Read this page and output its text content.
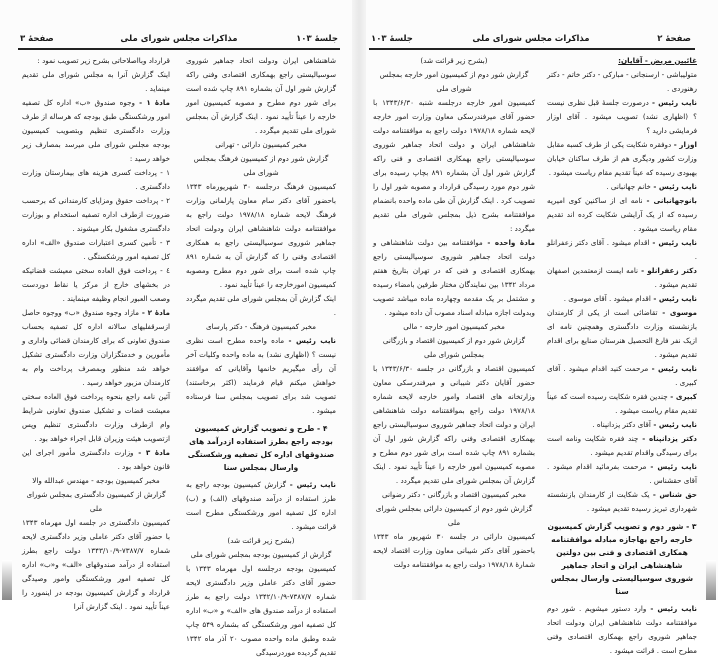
جلسهٔ ۱۰۳
مذاکرات مجلس شورای ملی
صفحهٔ ۳

قرارداد وبااصلاحاتی بشرح زیر تصویب نمود :

اینک گزارش آنرا به مجلس شورای ملی تقدیم مینماید .

مادهٔ ۱ - وجوه صندوق «ب» اداره کل تصفیه امور ورشکستگی طبق بودجه که هرساله از طرف وزارت دادگستری تنظیم وبتصویب کمیسیون بودجه مجلس شورای ملی میرسد بمصارف زیر خواهد رسید :

۱ - پرداخت کسری هزینه های بیمارستان وزارت دادگستری .

۲ - پرداخت حقوق ومزایای کارمندانی که برحسب ضرورت ازطرف اداره تصفیه استخدام و بوزارت دادگستری مشغول بکار میشوند .

۳ - تأمین کسری اعتبارات صندوق «الف» اداره کل تصفیه امور ورشکستگی .

٤ - پرداخت فوق العاده سختی معیشت قضاتیکه در بخشهای خارج از مرکز یا نقاط دوردست وصعب العبور انجام وظیفه مینمایند .

مادهٔ ۲ - مازاد وجوه صندوق «ب» ووجوه حاصل ازسرقفلیهای سالانه اداره کل تصفیه بحساب صندوق تعاونی که برای کارمندان قضائی واداری و مأمورین و خدمتگزاران وزارت دادگستری تشکیل خواهد شد منظور وبمصرف پرداخت وام به کارمندان مزبور خواهد رسید .

آئین نامه راجع بنحوه پرداخت فوق العاده سختی معیشت قضات و تشکیل صندوق تعاونی شرایط وام ازطرف وزارت دادگستری تنظیم وپس ازتصویب هیئت وزیران قابل اجراء خواهد بود .

مادهٔ ۳ - وزارت دادگستری مأمور اجرای این قانون خواهد بود .

مخبر کمیسیون بودجه - مهندس عبدالله والا

گزارش از کمیسیون دادگستری بمجلس شورای ملی

کمیسیون دادگستری در جلسه اول مهرماه ۱۳۴۳ با حضور آقای دکتر عاملی وزیر دادگستری لایحه شماره ۷۳۸۷/۷-۱۳۴۳/۱۰/۹ دولت راجع بطرز استفاده از درآمد صندوقهای «الف» و«ب» اداره کل تصفیه امور ورشکستگی وامور وصیدگی قرارداد و گزارش کمیسیون بودجه در اینمورد را عیناً تأیید نمود . اینک گزارش آنرا

شاهنشاهی ایران ودولت اتحاد جماهیر شوروی سوسیالیستی راجع بهمکاری اقتصادی وفنی راکه گزارش شور اول آن بشماره ۸۹۱ چاپ شده است برای شور دوم مطرح و مصوبه کمیسیون امور خارجه را عیناً تأیید نمود . اینک گزارش آن بمجلس شورای ملی تقدیم میگردد .

مخبر کمیسیون دارائی - تهرانی

گزارش شور دوم از کمیسیون فرهنگ بمجلس شورای ملی

کمیسیون فرهنگ درجلسه ۳۰ شهریورماه ۱۳۴۳ باحضور آقای دکتر سام معاون پارلمانی وزارت فرهنگ لایحه شماره ۱۹۷۸/۱۸ دولت راجع به موافقتنامه دولت شاهنشاهی ایران ودولت اتحاد جماهیر شوروی سوسیالیستی راجع به همکاری اقتصادی وفنی را که گزارش آن به شماره ۸۹۱ چاپ شده است برای شور دوم مطرح ومصوبه کمیسیون امورخارجه را عیناً تأیید نمود .

اینک گزارش آن بمجلس شورای ملی تقدیم میگردد .

مخبر کمیسیون فرهنگ - دکتر پارسای

نایب رئیس - ماده واحده مطرح است نظری نیست ؟ (اظهاری نشد) به ماده واحده وکلیات آخر آن رأی میگیریم خانمها وآقایانی که موافقند خواهش میکنم قیام فرمایند (اکثر برخاستند) تصویب شد برای تصویب بمجلس سنا فرستاده میشود .

۴ - طرح و تصویب گزارش کمیسیون بودجه راجع بطرز استفاده ازدرآمد های صندوقهای اداره کل تصفیه ورشکستگی وارسال بمجلس سنا

نایب رئیس - گزارش کمیسیون بودجه راجع به طرز استفاده از درآمد صندوقهای (الف) و (ب) اداره کل تصفیه امور ورشکستگی مطرح است قرائت میشود .

(بشرح زیر قرائت شد)

گزارش از کمیسیون بودجه بمجلس شورای ملی

کمیسیون بودجه درجلسه اول مهرماه ۱۳۴۳ با حضور آقای دکتر عاملی وزیر دادگستری لایحه شماره ۷۳۸۷/۷-۱۳۴۲/۱۰/۹ دولت راجع به طرز استفاده از درآمد صندوق های «الف» و «ب» اداره کل تصفیه امور ورشکستگی که بشماره ۵۴۹ چاپ شده وطبق ماده واحده مصوب ۲۰ آذر ماه ۱۳۴۲ تقدیم گردیده موردرسیدگی

صفحهٔ ۲
مذاکرات مجلس شورای ملی
جلسهٔ ۱۰۳

(بشرح زیر قرائت شد)

گزارش شور دوم از کمیسیون امور خارجه بمجلس شورای ملی

کمیسیون امور خارجه درجلسه شنبه ۱۳۴۳/۶/۳۰ با حضور آقای میرفندرسکی معاون وزارت امور خارجه لایحه شماره ۱۹۷۸/۱۸ دولت راجع به موافقتنامه دولت شاهنشاهی ایران و دولت اتحاد جماهیر شوروی سوسیالیستی راجع بهمکاری اقتصادی و فنی راکه گزارش شور اول آن بشماره ۸۹۱ بچاپ رسیده برای شور دوم مورد رسیدگی قرارداد و مصوبه شور اول را تصویب کرد . اینک گزارش آن طی ماده واحده بانضمام موافقتنامه بشرح ذیل بمجلس شورای ملی تقدیم میگردد :

مادهٔ واحده - موافقتنامه بین دولت شاهنشاهی و دولت اتحاد جماهیر شوروی سوسیالیستی راجع بهمکاری اقتصادی و فنی که در تهران بتاریخ هفتم مرداد ۱۳۴۲ بین نمایندگان مختار طرفین بامضاء رسیده و مشتمل بر یک مقدمه وچهارده ماده میباشد تصویب وبدولت اجازه مبادله اسناد مصوب آن داده میشود .

مخبر کمیسیون امور خارجه - مالی

گزارش شور دوم از کمیسیون اقتصاد و بازرگانی بمجلس شورای ملی

کمیسیون اقتصاد و بازرگانی در جلسه ۱۳۴۳/۶/۳۰ با حضور آقایان دکتر شیبانی و میرفندرسکی معاون وزارتخانه های اقتصاد وامور خارجه لایحه شماره ۱۹۷۸/۱۸ دولت راجع بموافقتنامه دولت شاهنشاهی ایران و دولت اتحاد جماهیر شوروی سوسیالیستی راجع بهمکاری اقتصادی وفنی راکه گزارش شور اول آن بشماره ۸۹۱ چاپ شده است برای شور دوم مطرح و مصوبه کمیسیون امور خارجه را عیناً تأیید نمود . اینک گزارش آن بمجلس شورای ملی تقدیم میگردد .

مخبر کمیسیون اقتصاد و بازرگانی - دکتر رضوانی

گزارش شور دوم از کمیسیون دارائی بمجلس شورای ملی

کمیسیون دارائی در جلسه ۳۰ شهریور ماه ۱۳۴۳ باحضور آقای دکتر شیبانی معاون وزارت اقتصاد لایحه شمارهٔ ۱۹۷۸/۱۸ دولت راجع به موافقتنامه دولت

غائبین مریض - آقایان:

متولیباشی - ارسنجانی - مبارکی - دکتر خاتم - دکتر رهنوردی .

نایب رئیس - درصورت جلسهٔ قبل نظری نیست ؟ (اظهاری نشد) تصویب میشود . آقای اوزار فرمایشی دارید ؟

اوزار - دوفقره شکایت یکی از طرف کسبه مقابل وزارت کشور ودیگری هم از طرف ساکنان خیابان بهبودی رسیده که عیناً تقدیم مقام ریاست میشود .

نایب رئیس - خانم جهانبانی .

بانوجهانبانی - نامه ای از ساکنین کوی امیریه رسیده که از یک آرایشی شکایت کرده اند تقدیم مقام ریاست میشود .

نایب رئیس - اقدام میشود . آقای دکتر زعفرانلو .

دکتر زعفرانلو - نامه ایست ازمعتمدین اصفهان تقدیم میشود .

نایب رئیس - اقدام میشود . آقای موسوی .

موسوی - تقاضائی است از یکی از کارمندان بازنشسته وزارت دادگستری وهمچنین نامه ای ازیک نفر فارغ التحصیل هنرستان صنایع برای اقدام تقدیم میشود .

نایب رئیس - مرحمت کنید اقدام میشود . آقای کبیری .

کبیری - چندین فقره شکایت رسیده است که عیناً تقدیم مقام ریاست میشود .

نایب رئیس - آقای دکتر یزدانپناه .

دکتر یزدانپناه - چند فقره شکایت ونامه است برای رسیدگی واقدام تقدیم میشود .

نایب رئیس - مرحمت بفرمائید اقدام میشود . آقای حقشناس .

حق شناس - یک شکایت از کارمندان بازنشسته شهرداری تبریز رسیده تقدیم میشود .

۳ - شور دوم و تصویب گزارش کمیسیون خارجه راجع بهاجازه مبادله موافقتنامه همکاری اقتصادی و فنی بین دولتین شاهنشاهی ایران و اتحاد جماهیر شوروی سوسیالیستی وارسال بمجلس سنا

نایب رئیس - وارد دستور میشویم . شور دوم موافقتنامه دولت شاهنشاهی ایران ودولت اتحاد جماهیر شوروی راجع بهمکاری اقتصادی وفنی مطرح است . قرائت میشود .
